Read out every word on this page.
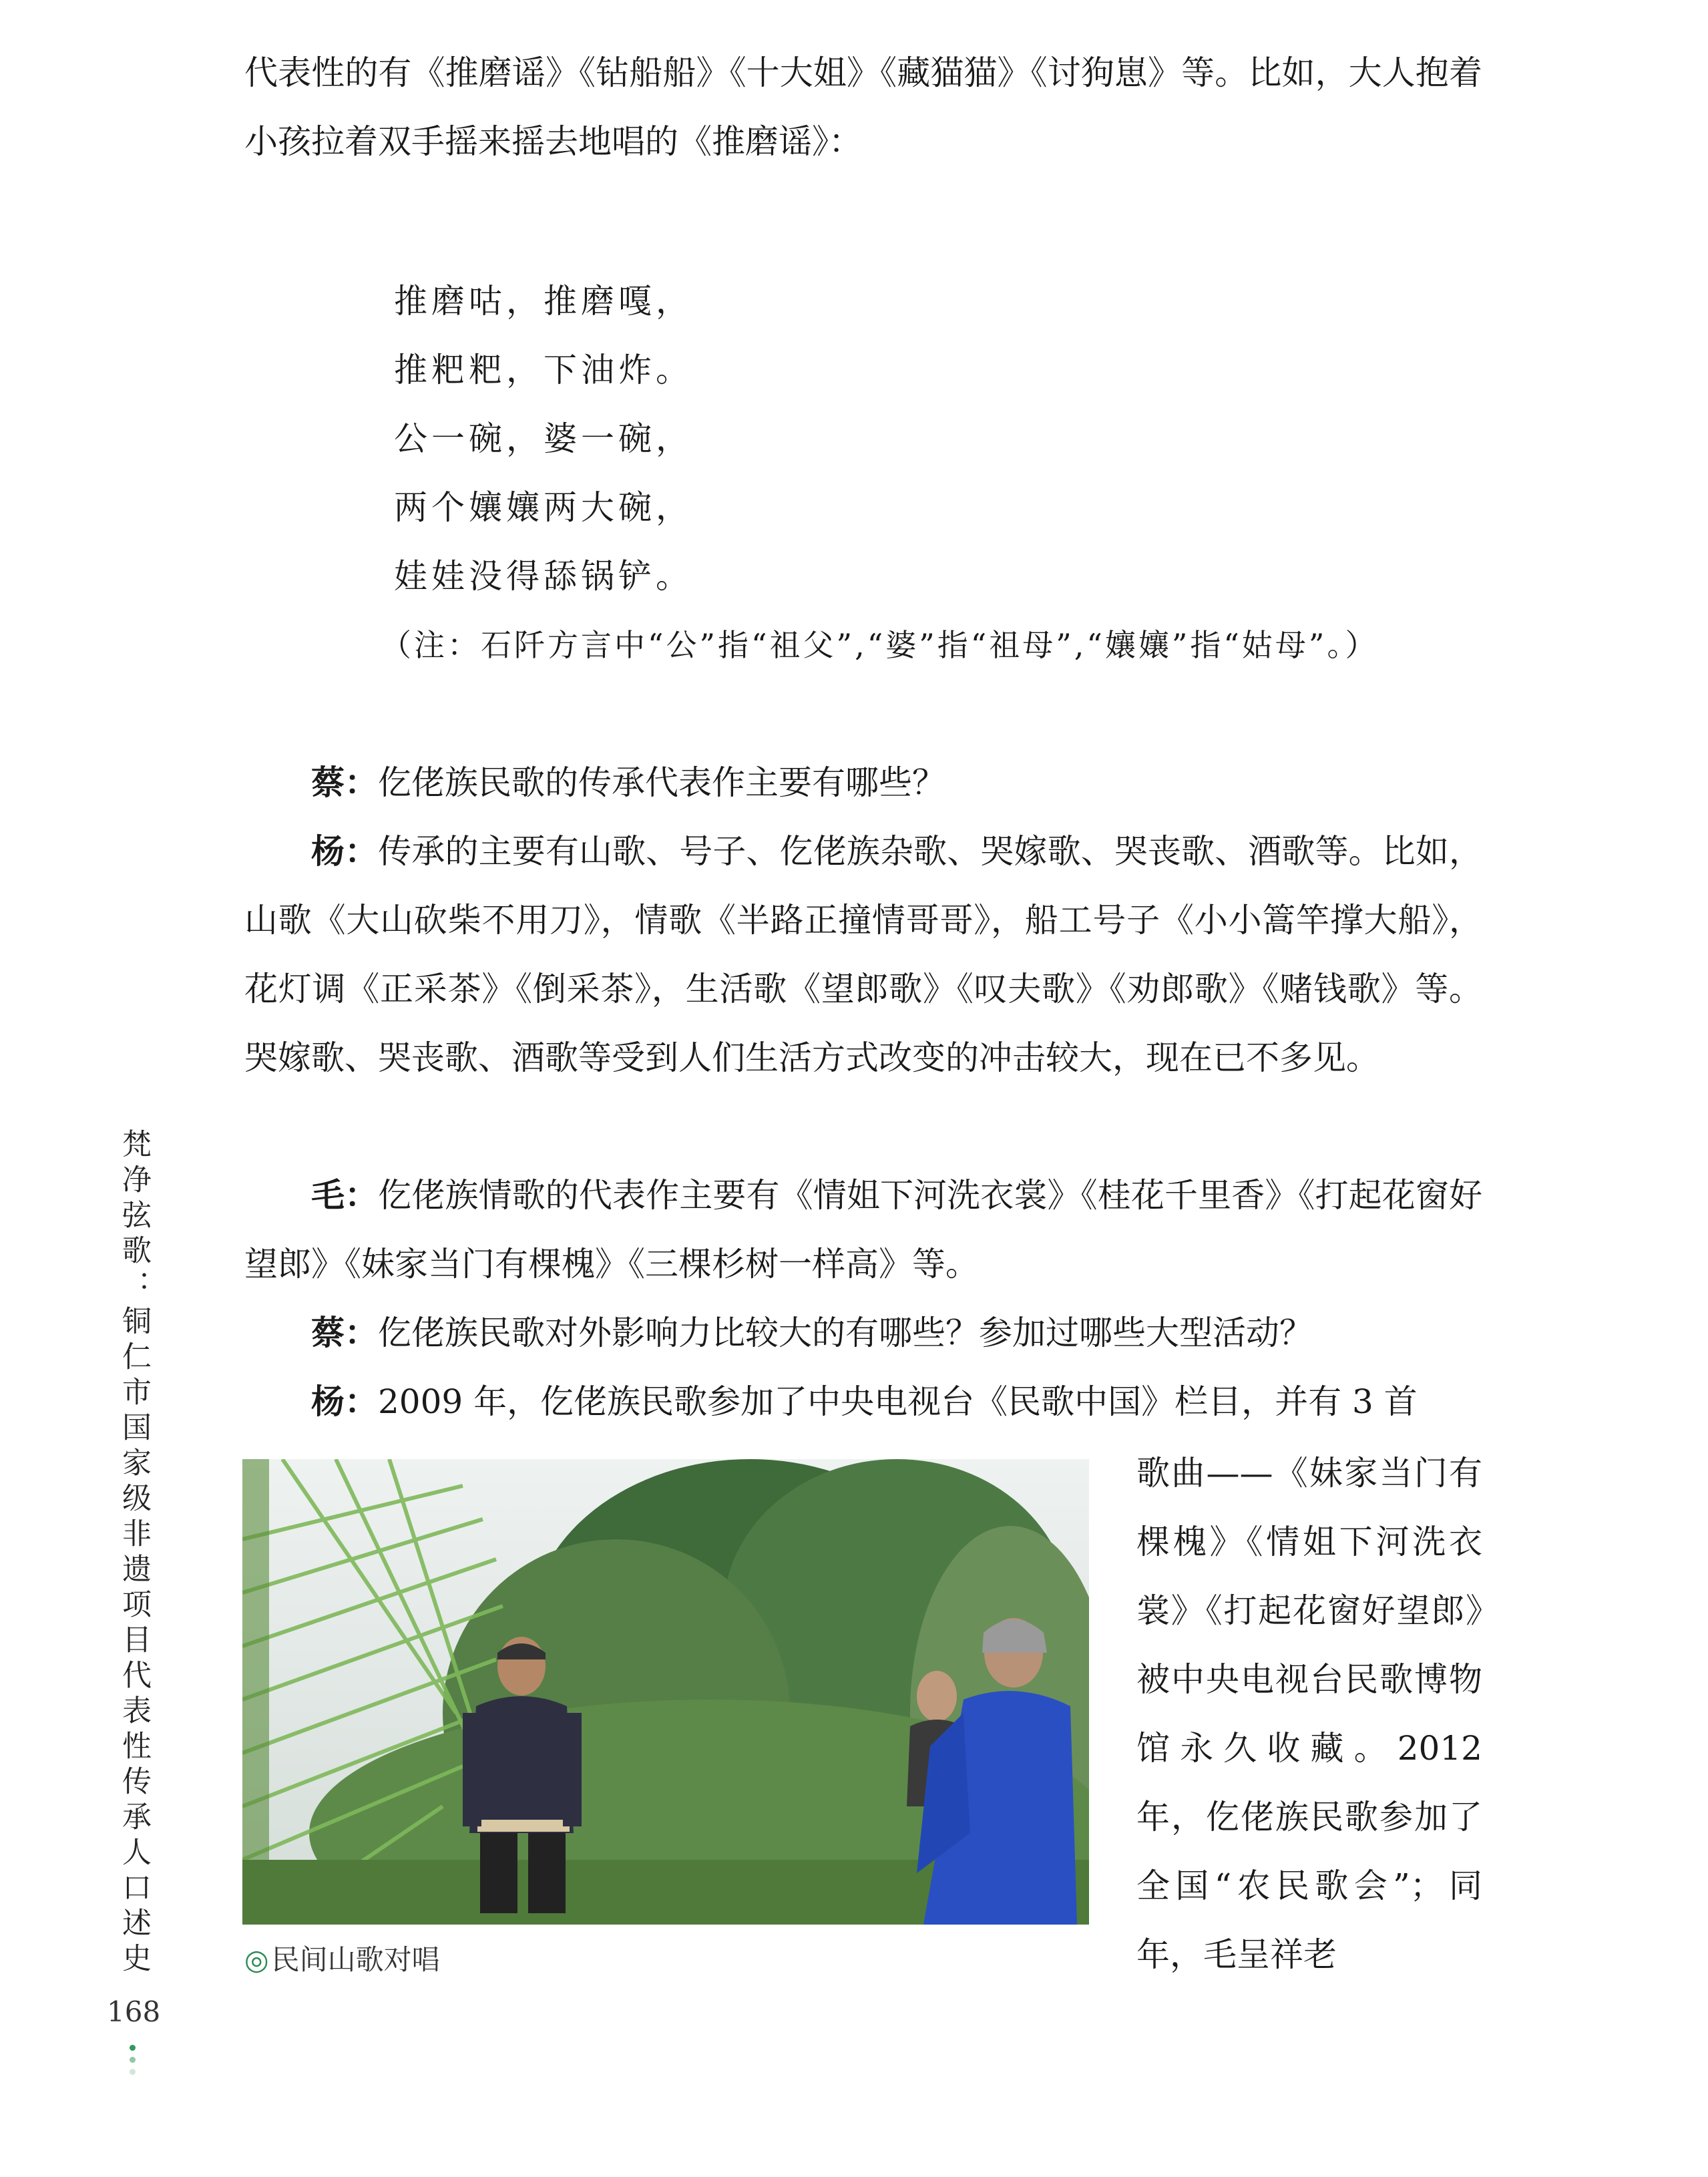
代表性的有《推磨谣》《钻船船》《十大姐》《藏猫猫》《讨狗崽》等。比如，大人抱着小孩拉着双手摇来摇去地唱的《推磨谣》：

推磨咕，推磨嘎，
推粑粑，下油炸。
公一碗，婆一碗，
两个孃孃两大碗，
娃娃没得舔锅铲。
（注：石阡方言中“公”指“祖父”,“婆”指“祖母”,“孃孃”指“姑母”。）

蔡：仡佬族民歌的传承代表作主要有哪些？

杨：传承的主要有山歌、号子、仡佬族杂歌、哭嫁歌、哭丧歌、酒歌等。比如，山歌《大山砍柴不用刀》，情歌《半路正撞情哥哥》，船工号子《小小篙竿撑大船》，花灯调《正采茶》《倒采茶》，生活歌《望郎歌》《叹夫歌》《劝郎歌》《赌钱歌》等。哭嫁歌、哭丧歌、酒歌等受到人们生活方式改变的冲击较大，现在已不多见。

毛：仡佬族情歌的代表作主要有《情姐下河洗衣裳》《桂花千里香》《打起花窗好望郎》《妹家当门有棵槐》《三棵杉树一样高》等。

蔡：仡佬族民歌对外影响力比较大的有哪些？参加过哪些大型活动？

杨：2009 年，仡佬族民歌参加了中央电视台《民歌中国》栏目，并有 3 首

歌曲——《妹家当门有棵槐》《情姐下河洗衣裳》《打起花窗好望郎》被中央电视台民歌博物馆永久收藏。2012 年，仡佬族民歌参加了全国“农民歌会”；同年，毛呈祥老

◎民间山歌对唱
梵净弦歌：铜仁市国家级非遗项目代表性传承人口述史
168
